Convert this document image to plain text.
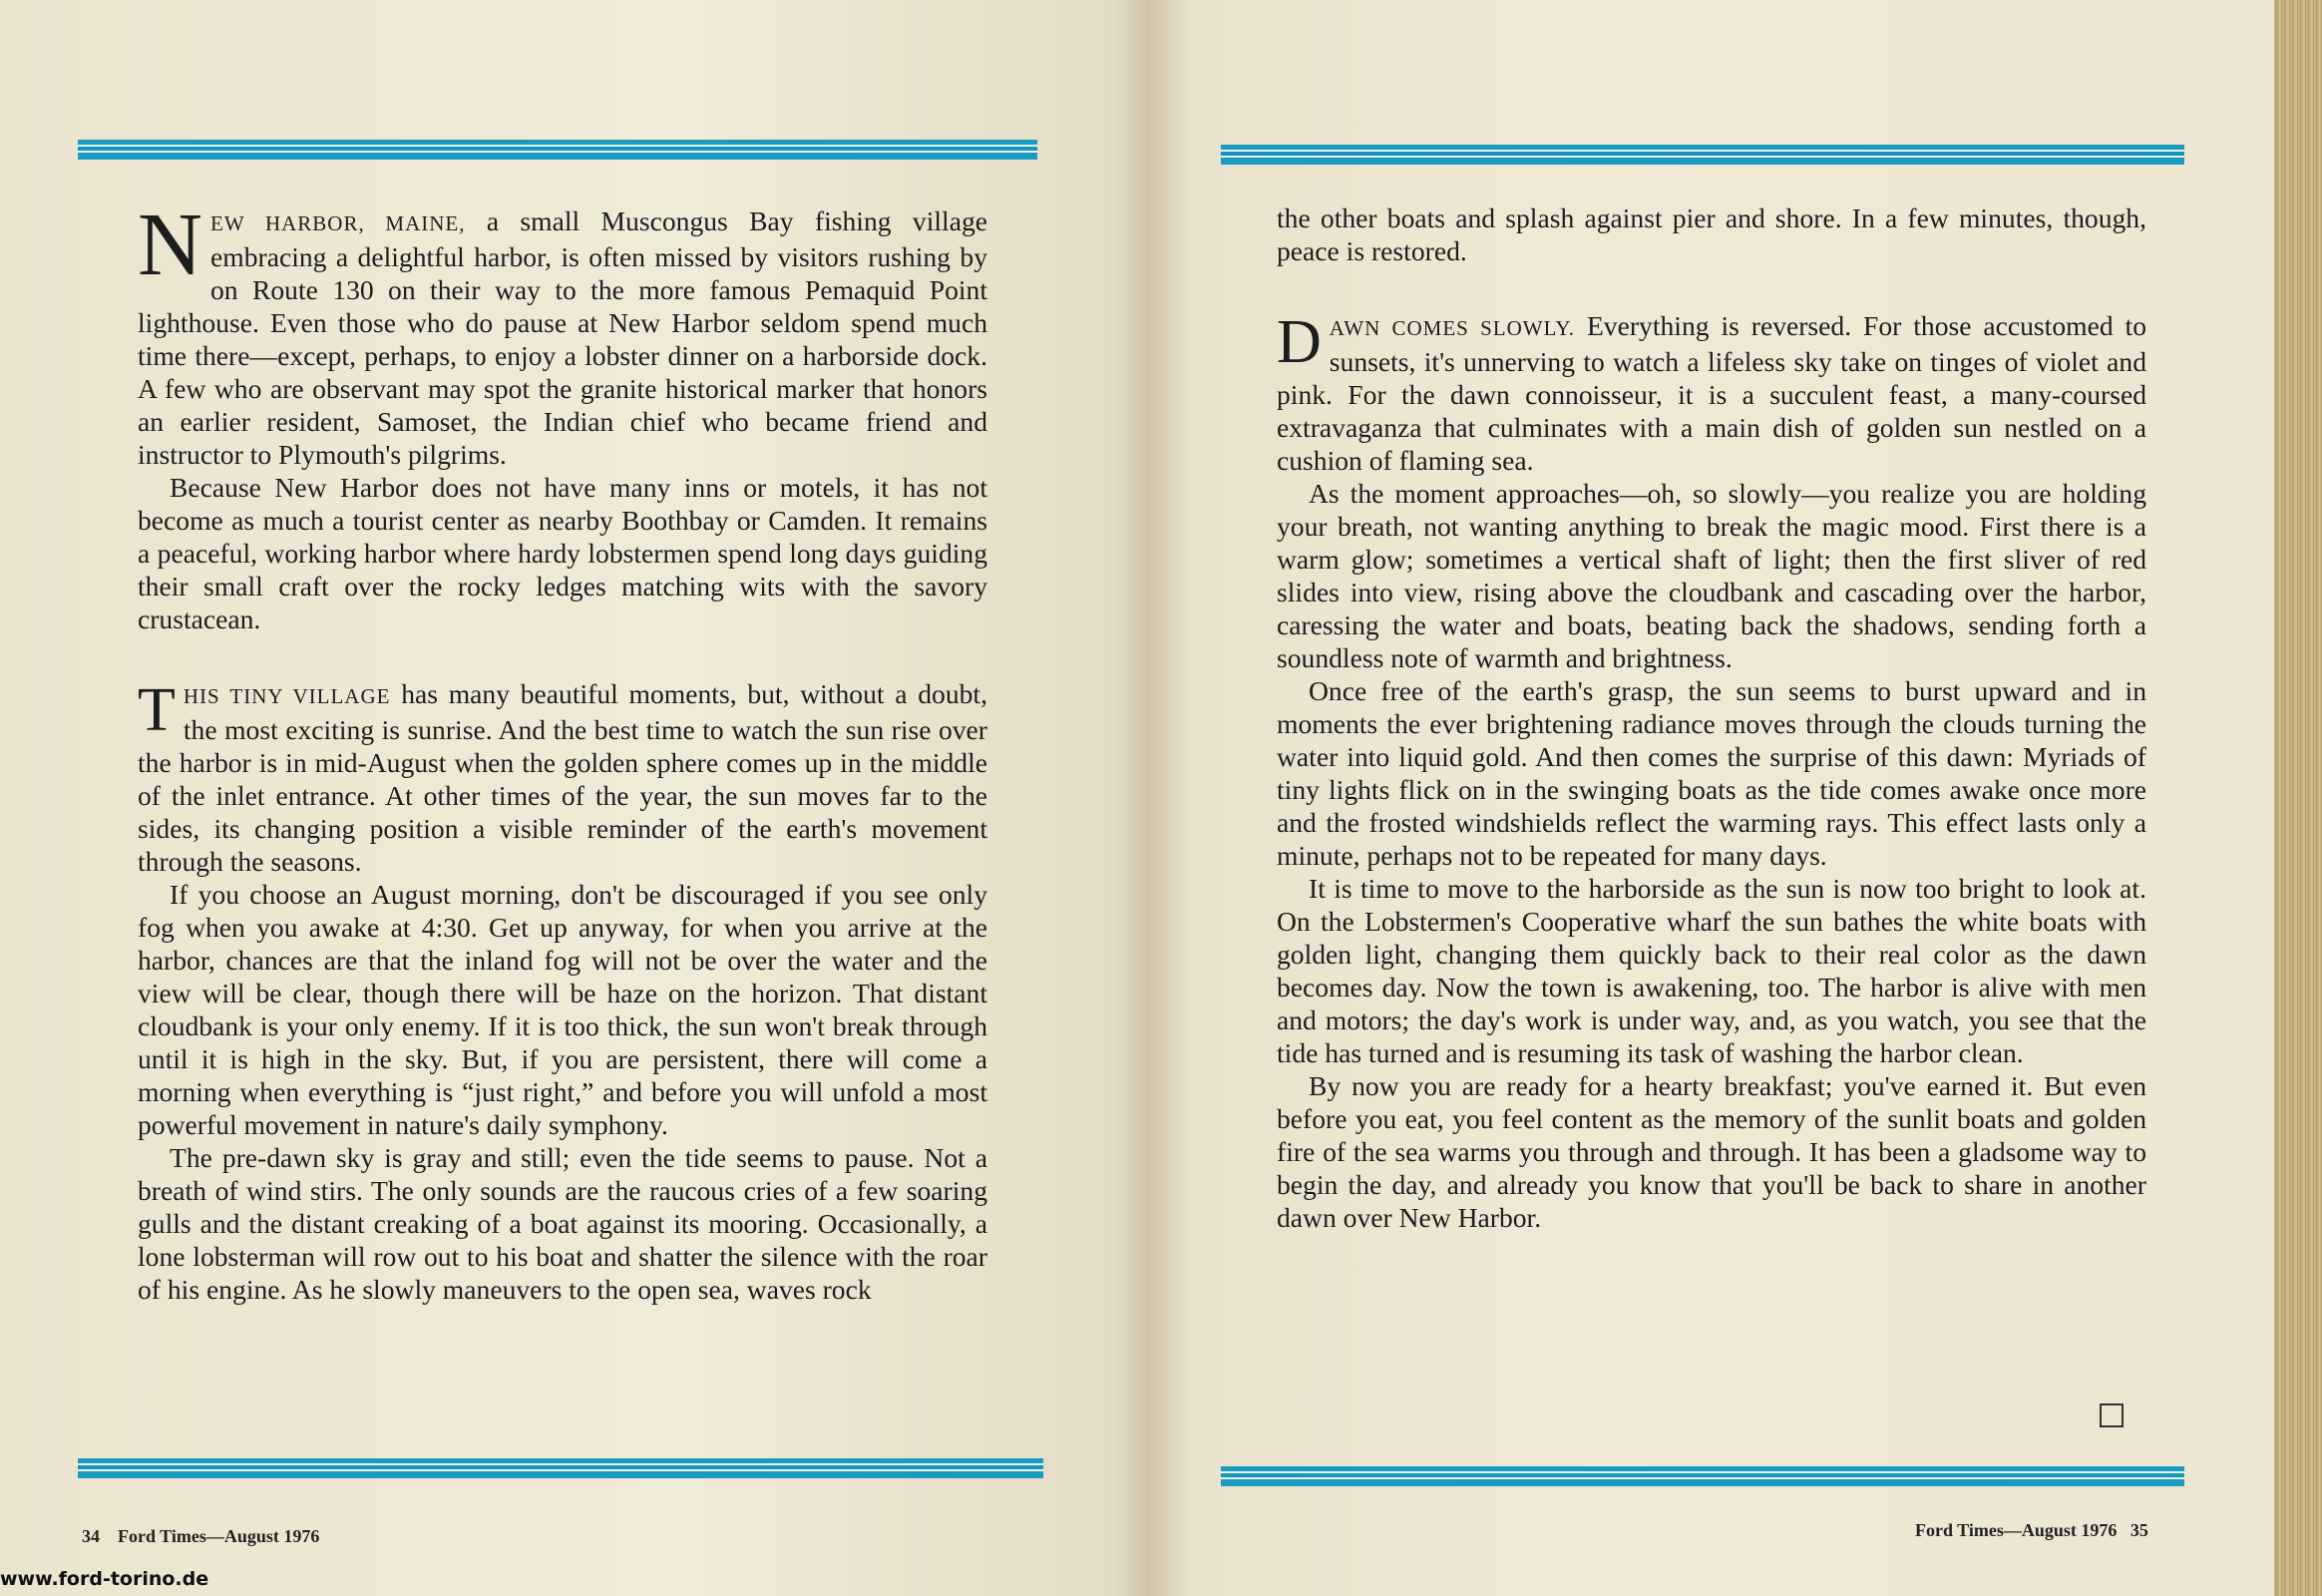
NEW HARBOR, MAINE, a small Muscongus Bay fishing village embracing a delightful harbor, is often missed by visitors rushing by on Route 130 on their way to the more famous Pemaquid Point lighthouse. Even those who do pause at New Harbor seldom spend much time there—except, perhaps, to enjoy a lobster dinner on a harborside dock. A few who are observant may spot the granite historical marker that honors an earlier resident, Samoset, the Indian chief who became friend and instructor to Plymouth's pilgrims.

Because New Harbor does not have many inns or motels, it has not become as much a tourist center as nearby Boothbay or Camden. It remains a peaceful, working harbor where hardy lobstermen spend long days guiding their small craft over the rocky ledges matching wits with the savory crustacean.

THIS TINY VILLAGE has many beautiful moments, but, without a doubt, the most exciting is sunrise. And the best time to watch the sun rise over the harbor is in mid-August when the golden sphere comes up in the middle of the inlet entrance. At other times of the year, the sun moves far to the sides, its changing position a visible reminder of the earth's movement through the seasons.

If you choose an August morning, don't be discouraged if you see only fog when you awake at 4:30. Get up anyway, for when you arrive at the harbor, chances are that the inland fog will not be over the water and the view will be clear, though there will be haze on the horizon. That distant cloudbank is your only enemy. If it is too thick, the sun won't break through until it is high in the sky. But, if you are persistent, there will come a morning when everything is “just right,” and before you will unfold a most powerful movement in nature's daily symphony.

The pre-dawn sky is gray and still; even the tide seems to pause. Not a breath of wind stirs. The only sounds are the raucous cries of a few soaring gulls and the distant creaking of a boat against its mooring. Occasionally, a lone lobsterman will row out to his boat and shatter the silence with the roar of his engine. As he slowly maneuvers to the open sea, waves rock

34 Ford Times—August 1976

the other boats and splash against pier and shore. In a few minutes, though, peace is restored.

DAWN COMES SLOWLY. Everything is reversed. For those accustomed to sunsets, it's unnerving to watch a lifeless sky take on tinges of violet and pink. For the dawn connoisseur, it is a succulent feast, a many-coursed extravaganza that culminates with a main dish of golden sun nestled on a cushion of flaming sea.

As the moment approaches—oh, so slowly—you realize you are holding your breath, not wanting anything to break the magic mood. First there is a warm glow; sometimes a vertical shaft of light; then the first sliver of red slides into view, rising above the cloudbank and cascading over the harbor, caressing the water and boats, beating back the shadows, sending forth a soundless note of warmth and brightness.

Once free of the earth's grasp, the sun seems to burst upward and in moments the ever brightening radiance moves through the clouds turning the water into liquid gold. And then comes the surprise of this dawn: Myriads of tiny lights flick on in the swinging boats as the tide comes awake once more and the frosted windshields reflect the warming rays. This effect lasts only a minute, perhaps not to be repeated for many days.

It is time to move to the harborside as the sun is now too bright to look at. On the Lobstermen's Cooperative wharf the sun bathes the white boats with golden light, changing them quickly back to their real color as the dawn becomes day. Now the town is awakening, too. The harbor is alive with men and motors; the day's work is under way, and, as you watch, you see that the tide has turned and is resuming its task of washing the harbor clean.

By now you are ready for a hearty breakfast; you've earned it. But even before you eat, you feel content as the memory of the sunlit boats and golden fire of the sea warms you through and through. It has been a gladsome way to begin the day, and already you know that you'll be back to share in another dawn over New Harbor.

Ford Times—August 1976 35
www.ford-torino.de
